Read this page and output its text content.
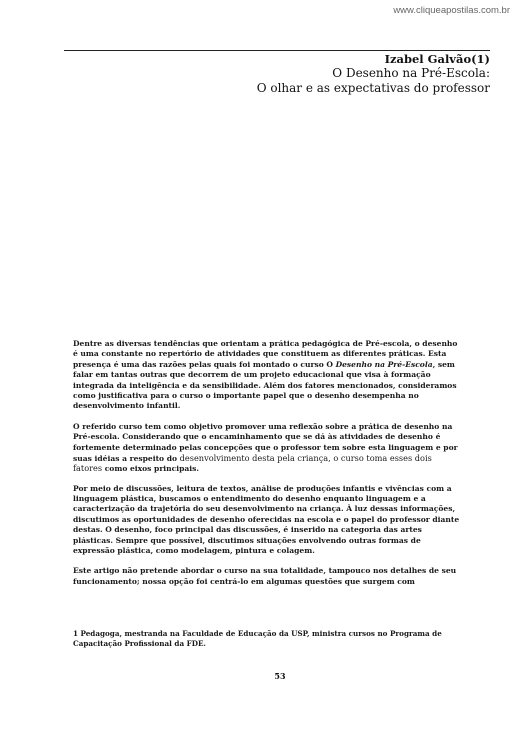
www.cliqueapostilas.com.br
Izabel Galvão(1)
O Desenho na Pré-Escola:
O olhar e as expectativas do professor
Dentre as diversas tendências que orientam a prática pedagógica de Pré-escola, o desenho
é uma constante no repertório de atividades que constituem as diferentes práticas. Esta
presença é uma das razões pelas quais foi montado o curso O Desenho na Pré-Escola, sem
falar em tantas outras que decorrem de um projeto educacional que visa à formação
integrada da inteligência e da sensibilidade. Além dos fatores mencionados, consideramos
como justificativa para o curso o importante papel que o desenho desempenha no
desenvolvimento infantil.
O referido curso tem como objetivo promover uma reflexão sobre a prática de desenho na
Pré-escola. Considerando que o encaminhamento que se dá às atividades de desenho é
fortemente determinado pelas concepções que o professor tem sobre esta linguagem e por
suas idéias a respeito do desenvolvimento desta pela criança, o curso toma esses dois
fatores como eixos principais.
Por meio de discussões, leitura de textos, análise de produções infantis e vivências com a
linguagem plástica, buscamos o entendimento do desenho enquanto linguagem e a
caracterização da trajetória do seu desenvolvimento na criança. À luz dessas informações,
discutimos as oportunidades de desenho oferecidas na escola e o papel do professor diante
destas. O desenho, foco principal das discussões, é inserido na categoria das artes
plásticas. Sempre que possível, discutimos situações envolvendo outras formas de
expressão plástica, como modelagem, pintura e colagem.
Este artigo não pretende abordar o curso na sua totalidade, tampouco nos detalhes de seu
funcionamento; nossa opção foi centrá-lo em algumas questões que surgem com
1 Pedagoga, mestranda na Faculdade de Educação da USP, ministra cursos no Programa de
Capacitação Profissional da FDE.
53
